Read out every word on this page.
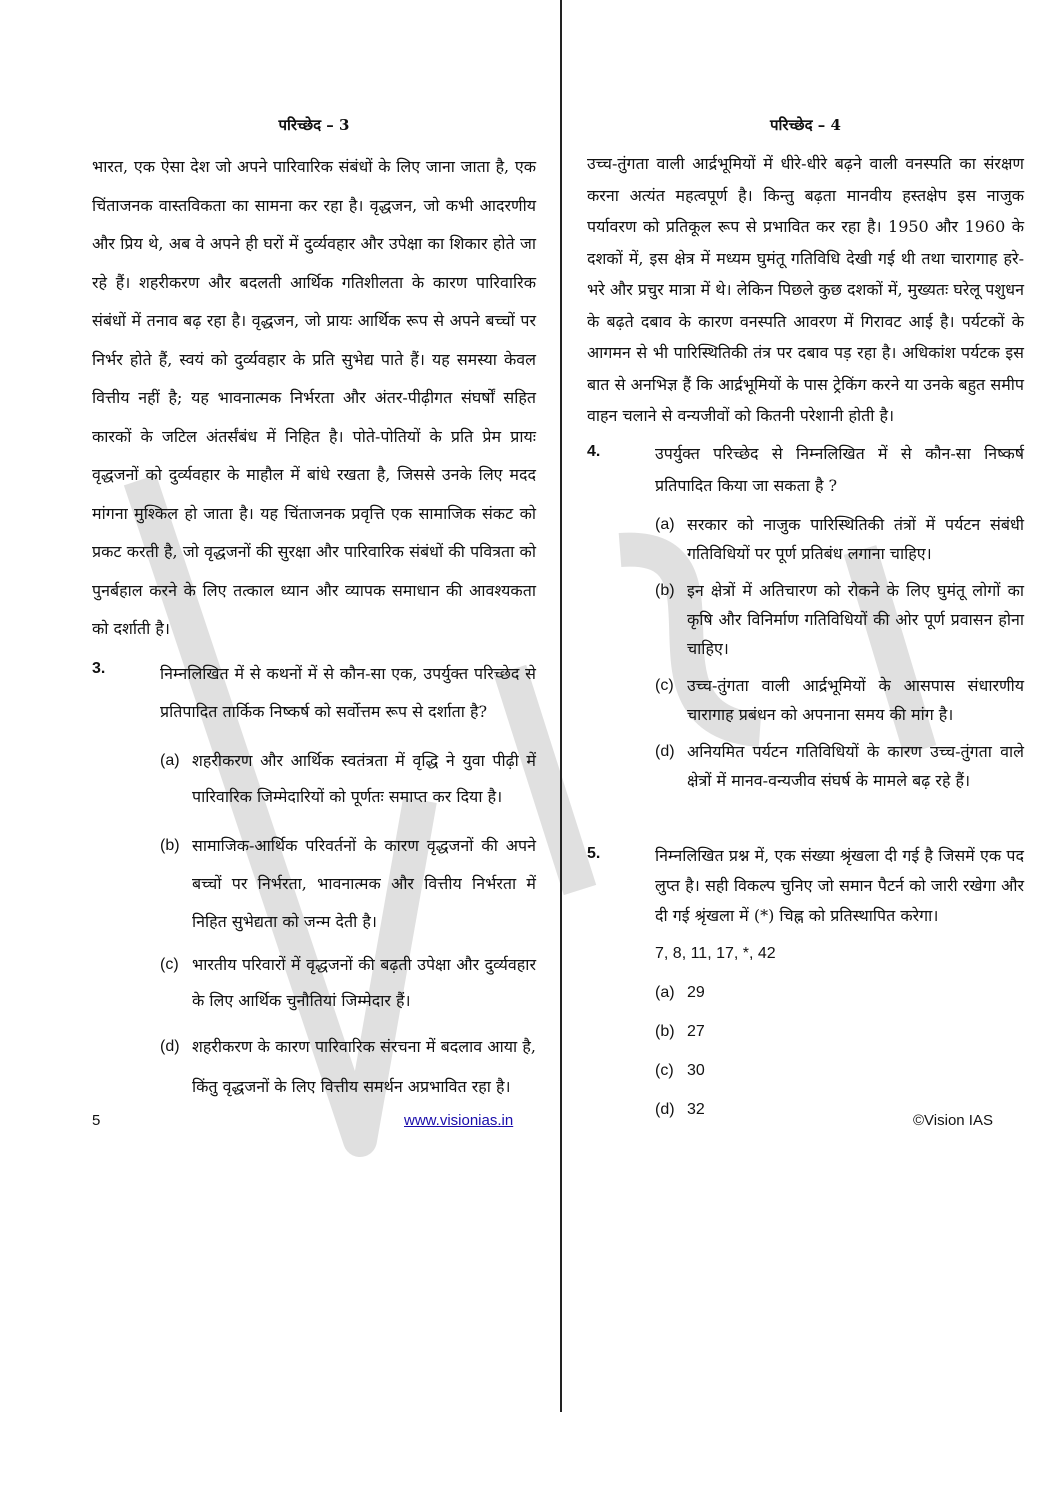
परिच्छेद – 3

भारत, एक ऐसा देश जो अपने पारिवारिक संबंधों के लिए जाना जाता है, एक चिंताजनक वास्तविकता का सामना कर रहा है। वृद्धजन, जो कभी आदरणीय और प्रिय थे, अब वे अपने ही घरों में दुर्व्यवहार और उपेक्षा का शिकार होते जा रहे हैं। शहरीकरण और बदलती आर्थिक गतिशीलता के कारण पारिवारिक संबंधों में तनाव बढ़ रहा है। वृद्धजन, जो प्रायः आर्थिक रूप से अपने बच्चों पर निर्भर होते हैं, स्वयं को दुर्व्यवहार के प्रति सुभेद्य पाते हैं। यह समस्या केवल वित्तीय नहीं है; यह भावनात्मक निर्भरता और अंतर-पीढ़ीगत संघर्षों सहित कारकों के जटिल अंतर्संबंध में निहित है। पोते-पोतियों के प्रति प्रेम प्रायः वृद्धजनों को दुर्व्यवहार के माहौल में बांधे रखता है, जिससे उनके लिए मदद मांगना मुश्किल हो जाता है। यह चिंताजनक प्रवृत्ति एक सामाजिक संकट को प्रकट करती है, जो वृद्धजनों की सुरक्षा और पारिवारिक संबंधों की पवित्रता को पुनर्बहाल करने के लिए तत्काल ध्यान और व्यापक समाधान की आवश्यकता को दर्शाती है।

3.	निम्नलिखित में से कथनों में से कौन-सा एक, उपर्युक्त परिच्छेद से प्रतिपादित तार्किक निष्कर्ष को सर्वोत्तम रूप से दर्शाता है?
(a) शहरीकरण और आर्थिक स्वतंत्रता में वृद्धि ने युवा पीढ़ी में पारिवारिक जिम्मेदारियों को पूर्णतः समाप्त कर दिया है।
(b) सामाजिक-आर्थिक परिवर्तनों के कारण वृद्धजनों की अपने बच्चों पर निर्भरता, भावनात्मक और वित्तीय निर्भरता में निहित सुभेद्यता को जन्म देती है।
(c) भारतीय परिवारों में वृद्धजनों की बढ़ती उपेक्षा और दुर्व्यवहार के लिए आर्थिक चुनौतियां जिम्मेदार हैं।
(d) शहरीकरण के कारण पारिवारिक संरचना में बदलाव आया है, किंतु वृद्धजनों के लिए वित्तीय समर्थन अप्रभावित रहा है।
परिच्छेद – 4

उच्च-तुंगता वाली आर्द्रभूमियों में धीरे-धीरे बढ़ने वाली वनस्पति का संरक्षण करना अत्यंत महत्वपूर्ण है। किन्तु बढ़ता मानवीय हस्तक्षेप इस नाजुक पर्यावरण को प्रतिकूल रूप से प्रभावित कर रहा है। 1950 और 1960 के दशकों में, इस क्षेत्र में मध्यम घुमंतू गतिविधि देखी गई थी तथा चारागाह हरे-भरे और प्रचुर मात्रा में थे। लेकिन पिछले कुछ दशकों में, मुख्यतः घरेलू पशुधन के बढ़ते दबाव के कारण वनस्पति आवरण में गिरावट आई है। पर्यटकों के आगमन से भी पारिस्थितिकी तंत्र पर दबाव पड़ रहा है। अधिकांश पर्यटक इस बात से अनभिज्ञ हैं कि आर्द्रभूमियों के पास ट्रेकिंग करने या उनके बहुत समीप वाहन चलाने से वन्यजीवों को कितनी परेशानी होती है।

4.	उपर्युक्त परिच्छेद से निम्नलिखित में से कौन-सा निष्कर्ष प्रतिपादित किया जा सकता है ?
(a) सरकार को नाजुक पारिस्थितिकी तंत्रों में पर्यटन संबंधी गतिविधियों पर पूर्ण प्रतिबंध लगाना चाहिए।
(b) इन क्षेत्रों में अतिचारण को रोकने के लिए घुमंतू लोगों का कृषि और विनिर्माण गतिविधियों की ओर पूर्ण प्रवासन होना चाहिए।
(c) उच्च-तुंगता वाली आर्द्रभूमियों के आसपास संधारणीय चारागाह प्रबंधन को अपनाना समय की मांग है।
(d) अनियमित पर्यटन गतिविधियों के कारण उच्च-तुंगता वाले क्षेत्रों में मानव-वन्यजीव संघर्ष के मामले बढ़ रहे हैं।
5.	निम्नलिखित प्रश्न में, एक संख्या श्रृंखला दी गई है जिसमें एक पद लुप्त है। सही विकल्प चुनिए जो समान पैटर्न को जारी रखेगा और दी गई श्रृंखला में (*) चिह्न को प्रतिस्थापित करेगा।
7, 8, 11, 17, *, 42
(a) 29
(b) 27
(c) 30
(d) 32
5	www.visionias.in	©Vision IAS
